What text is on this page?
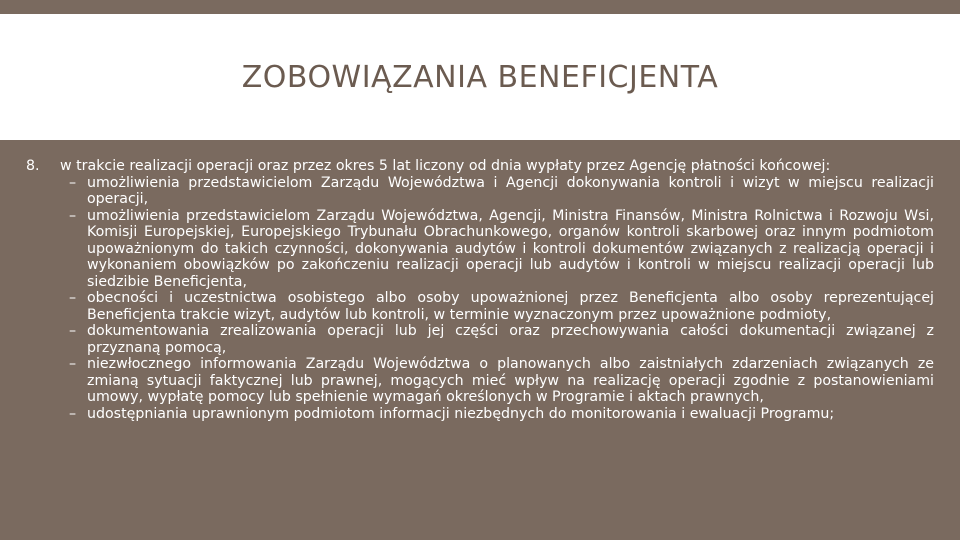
ZOBOWIĄZANIA BENEFICJENTA
8. w trakcie realizacji operacji oraz przez okres 5 lat liczony od dnia wypłaty przez Agencję płatności końcowej:
– umożliwienia przedstawicielom Zarządu Województwa i Agencji dokonywania kontroli i wizyt w miejscu realizacji operacji,
– umożliwienia przedstawicielom Zarządu Województwa, Agencji, Ministra Finansów, Ministra Rolnictwa i Rozwoju Wsi, Komisji Europejskiej, Europejskiego Trybunału Obrachunkowego, organów kontroli skarbowej oraz innym podmiotom upoważnionym do takich czynności, dokonywania audytów i kontroli dokumentów związanych z realizacją operacji i wykonaniem obowiązków po zakończeniu realizacji operacji lub audytów i kontroli w miejscu realizacji operacji lub siedzibie Beneficjenta,
– obecności i uczestnictwa osobistego albo osoby upoważnionej przez Beneficjenta albo osoby reprezentującej Beneficjenta trakcie wizyt, audytów lub kontroli, w terminie wyznaczonym przez upoważnione podmioty,
– dokumentowania zrealizowania operacji lub jej części oraz przechowywania całości dokumentacji związanej z przyznaną pomocą,
– niezwłocznego informowania Zarządu Województwa o planowanych albo zaistniałych zdarzeniach związanych ze zmianą sytuacji faktycznej lub prawnej, mogących mieć wpływ na realizację operacji zgodnie z postanowieniami umowy, wypłatę pomocy lub spełnienie wymagań określonych w Programie i aktach prawnych,
– udostępniania uprawnionym podmiotom informacji niezbędnych do monitorowania i ewaluacji Programu;
